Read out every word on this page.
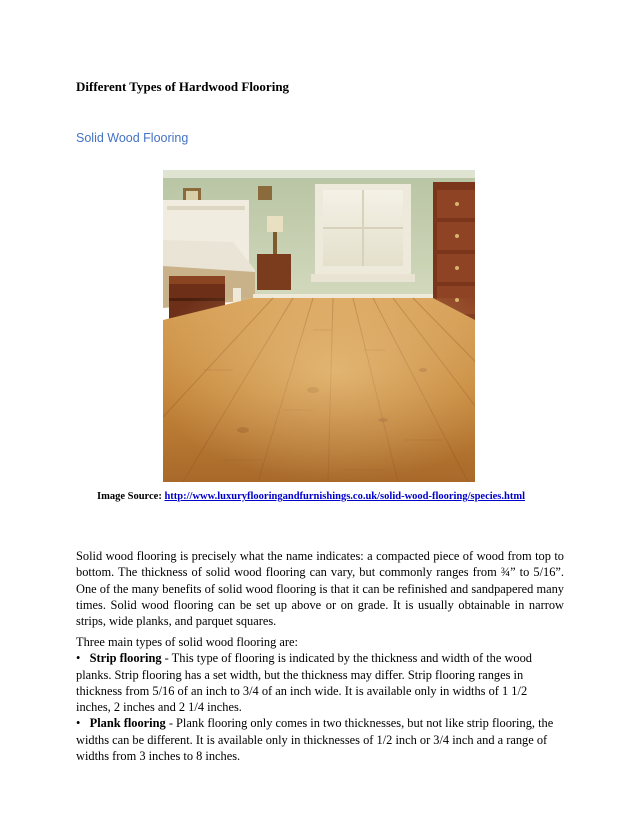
Different Types of Hardwood Flooring
Solid Wood Flooring
Image Source: http://www.luxuryflooringandfurnishings.co.uk/solid-wood-flooring/species.html
Solid wood flooring is precisely what the name indicates: a compacted piece of wood from top to bottom. The thickness of solid wood flooring can vary, but commonly ranges from ¾” to 5/16”. One of the many benefits of solid wood flooring is that it can be refinished and sandpapered many times. Solid wood flooring can be set up above or on grade. It is usually obtainable in narrow strips, wide planks, and parquet squares.

Three main types of solid wood flooring are:

• Strip flooring - This type of flooring is indicated by the thickness and width of the wood planks. Strip flooring has a set width, but the thickness may differ. Strip flooring ranges in thickness from 5/16 of an inch to 3/4 of an inch wide. It is available only in widths of 1 1/2 inches, 2 inches and 2 1/4 inches.

• Plank flooring - Plank flooring only comes in two thicknesses, but not like strip flooring, the widths can be different. It is available only in thicknesses of 1/2 inch or 3/4 inch and a range of widths from 3 inches to 8 inches.
